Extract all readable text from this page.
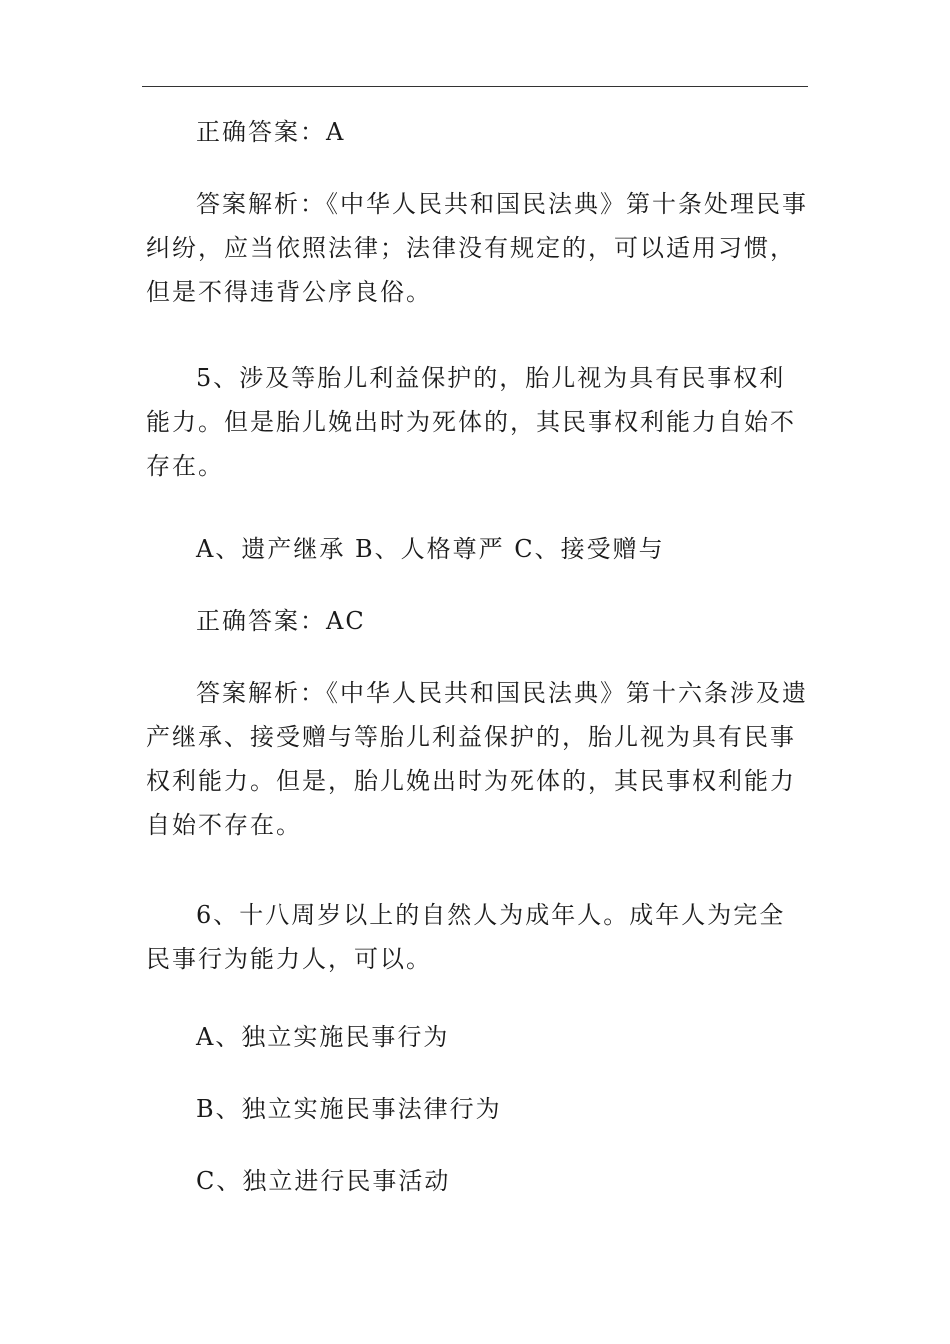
正确答案：A

答案解析：《中华人民共和国民法典》第十条处理民事纠纷，应当依照法律；法律没有规定的，可以适用习惯，但是不得违背公序良俗。

5、涉及等胎儿利益保护的，胎儿视为具有民事权利能力。但是胎儿娩出时为死体的，其民事权利能力自始不存在。

A、遗产继承 B、人格尊严 C、接受赠与

正确答案：AC

答案解析：《中华人民共和国民法典》第十六条涉及遗产继承、接受赠与等胎儿利益保护的，胎儿视为具有民事权利能力。但是，胎儿娩出时为死体的，其民事权利能力自始不存在。

6、十八周岁以上的自然人为成年人。成年人为完全民事行为能力人，可以。

A、独立实施民事行为

B、独立实施民事法律行为

C、独立进行民事活动
